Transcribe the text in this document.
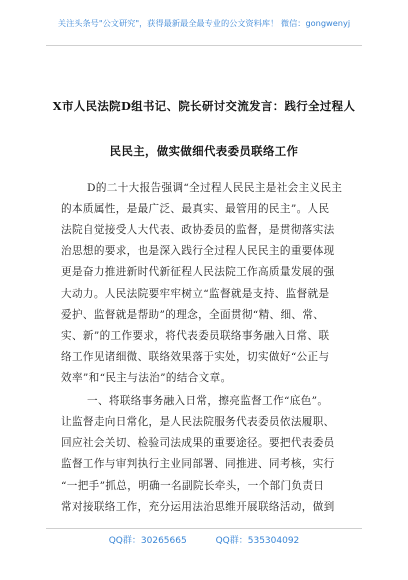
关注头条号"公文研究"，获得最新最全最专业的公文资料库！ 微信：gongwenyj
X市人民法院D组书记、院长研讨交流发言：践行全过程人
民民主，做实做细代表委员联络工作
D的二十大报告强调“全过程人民民主是社会主义民主
的本质属性，是最广泛、最真实、最管用的民主”。人民
法院自觉接受人大代表、政协委员的监督，是贯彻落实法
治思想的要求，也是深入践行全过程人民民主的重要体现
更是奋力推进新时代新征程人民法院工作高质量发展的强
大动力。人民法院要牢牢树立“监督就是支持、监督就是
爱护、监督就是帮助”的理念，全面贯彻“精、细、常、
实、新”的工作要求，将代表委员联络事务融入日常、联
络工作见诸细微、联络效果落于实处，切实做好“公正与
效率”和“民主与法治”的结合文章。
一、将联络事务融入日常，擦亮监督工作“底色”。
让监督走向日常化，是人民法院服务代表委员依法履职、
回应社会关切、检验司法成果的重要途径。要把代表委员
监督工作与审判执行主业同部署、同推进、同考核，实行
“一把手”抓总，明确一名副院长牵头，一个部门负责日
常对接联络工作，充分运用法治思维开展联络活动，做到
QQ群：30265665	QQ群：535304092
